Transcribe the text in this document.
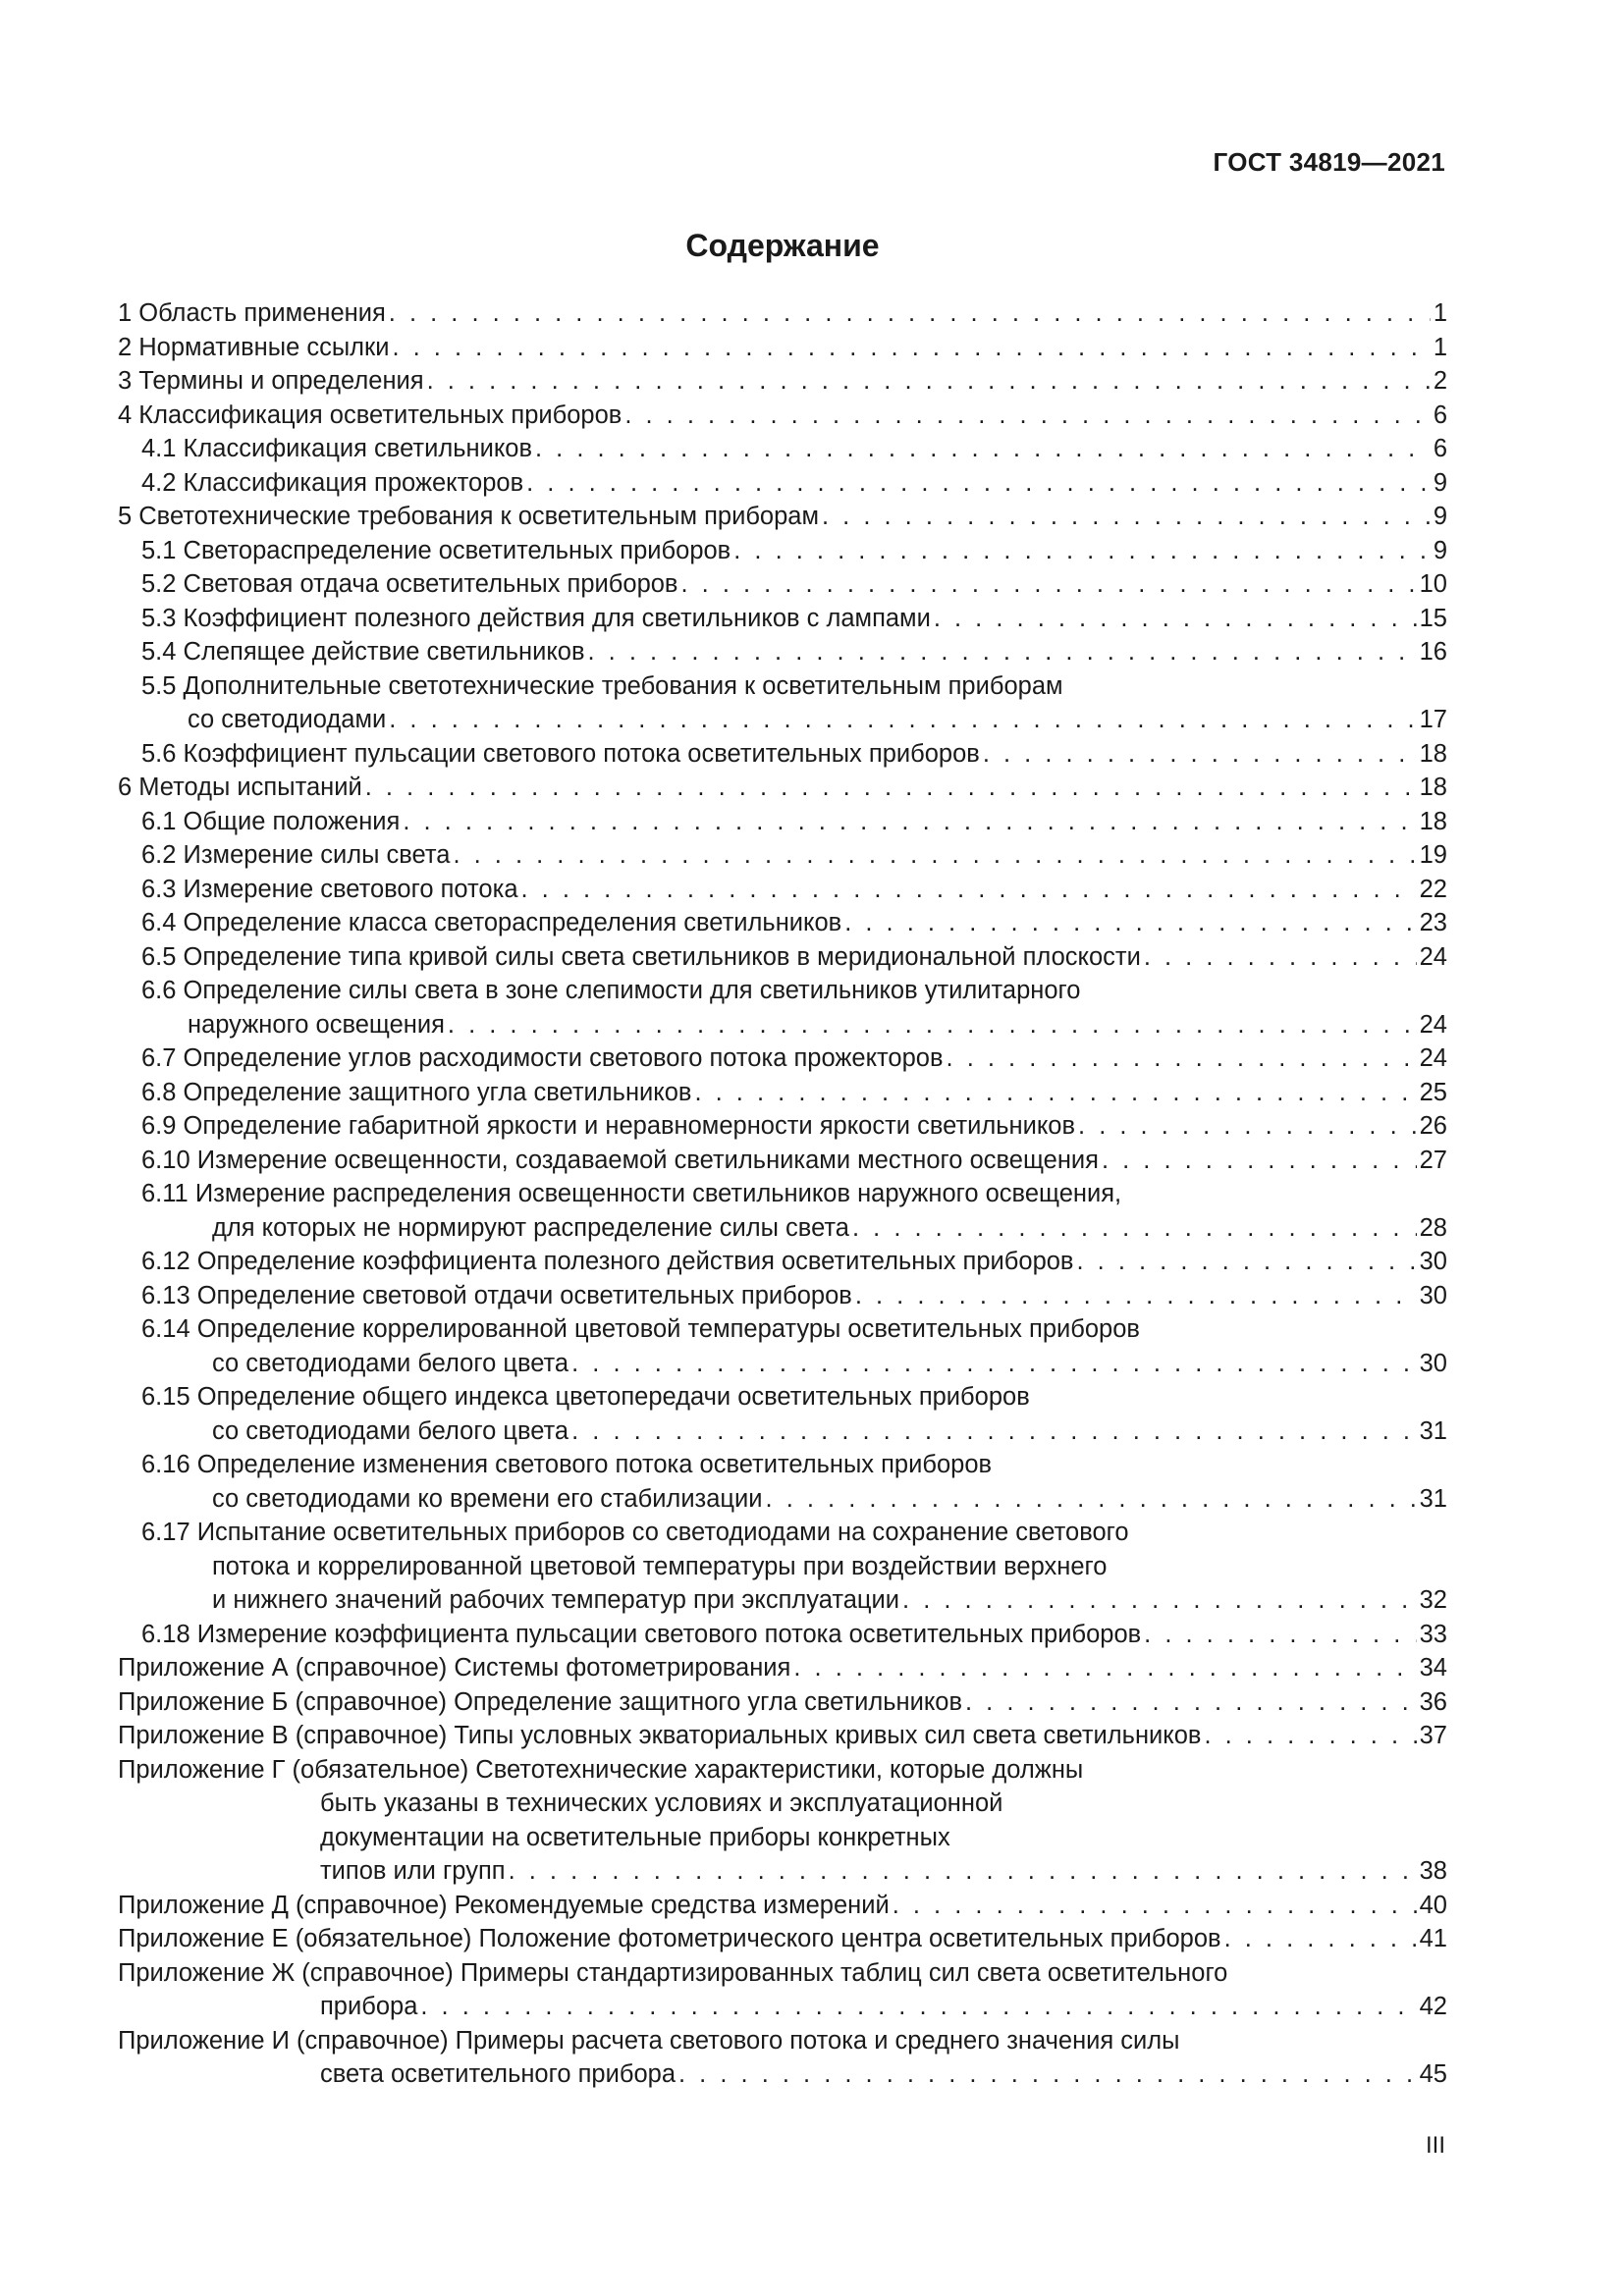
ГОСТ 34819—2021
Содержание
1 Область применения . . .	1
2 Нормативные ссылки . . .	1
3 Термины и определения . . .	2
4 Классификация осветительных приборов . . .	6
4.1 Классификация светильников . . .	6
4.2 Классификация прожекторов . . .	9
5 Светотехнические требования к осветительным приборам . . .	9
5.1 Светораспределение осветительных приборов . . .	9
5.2 Световая отдача осветительных приборов . . .	10
5.3 Коэффициент полезного действия для светильников с лампами . . .	15
5.4 Слепящее действие светильников . . .	16
5.5 Дополнительные светотехнические требования к осветительным приборам
со светодиодами . . .	17
5.6 Коэффициент пульсации светового потока осветительных приборов . . .	18
6 Методы испытаний . . .	18
6.1 Общие положения . . .	18
6.2 Измерение силы света . . .	19
6.3 Измерение светового потока . . .	22
6.4 Определение класса светораспределения светильников . . .	23
6.5 Определение типа кривой силы света светильников в меридиональной плоскости . . .	24
6.6 Определение силы света в зоне слепимости для светильников утилитарного
наружного освещения . . .	24
6.7 Определение углов расходимости светового потока прожекторов . . .	24
6.8 Определение защитного угла светильников . . .	25
6.9 Определение габаритной яркости и неравномерности яркости светильников . . .	26
6.10 Измерение освещенности, создаваемой светильниками местного освещения . . .	27
6.11 Измерение распределения освещенности светильников наружного освещения,
для которых не нормируют распределение силы света . . .	28
6.12 Определение коэффициента полезного действия осветительных приборов . . .	30
6.13 Определение световой отдачи осветительных приборов . . .	30
6.14 Определение коррелированной цветовой температуры осветительных приборов
со светодиодами белого цвета . . .	30
6.15 Определение общего индекса цветопередачи осветительных приборов
со светодиодами белого цвета . . .	31
6.16 Определение изменения светового потока осветительных приборов
со светодиодами ко времени его стабилизации . . .	31
6.17 Испытание осветительных приборов со светодиодами на сохранение светового
потока и коррелированной цветовой температуры при воздействии верхнего
и нижнего значений рабочих температур при эксплуатации . . .	32
6.18 Измерение коэффициента пульсации светового потока осветительных приборов . . .	33
Приложение А (справочное) Системы фотометрирования . . .	34
Приложение Б (справочное) Определение защитного угла светильников . . .	36
Приложение В (справочное) Типы условных экваториальных кривых сил света светильников . . .	37
Приложение Г (обязательное) Светотехнические характеристики, которые должны
быть указаны в технических условиях и эксплуатационной
документации на осветительные приборы конкретных
типов или групп . . .	38
Приложение Д (справочное) Рекомендуемые средства измерений . . .	40
Приложение Е (обязательное) Положение фотометрического центра осветительных приборов . . .	41
Приложение Ж (справочное) Примеры стандартизированных таблиц сил света осветительного
прибора . . .	42
Приложение И (справочное) Примеры расчета светового потока и среднего значения силы
света осветительного прибора . . .	45
III
